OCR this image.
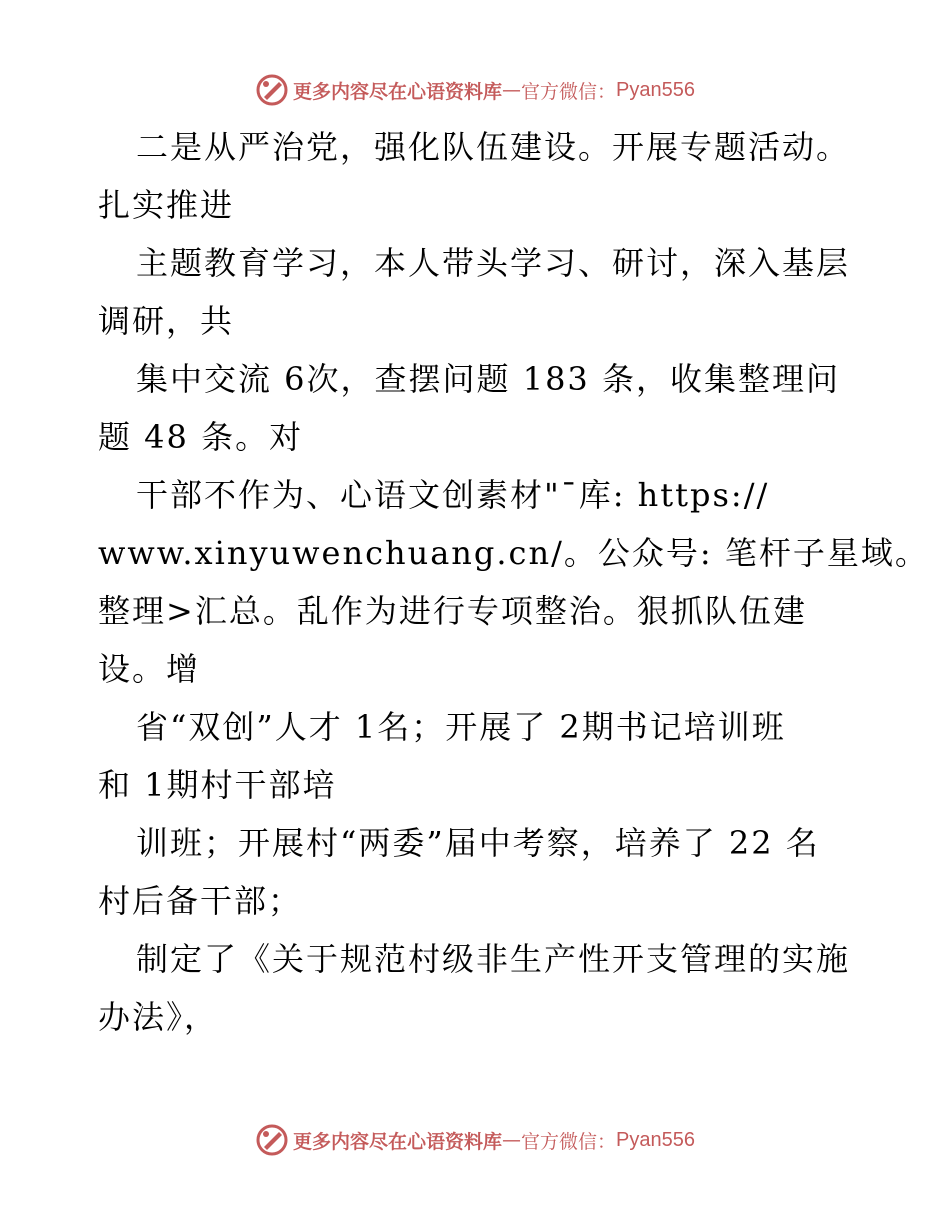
更多内容尽在心语资料库 — 官方微信： Pyan556
二是从严治党，强化队伍建设。开展专题活动。
扎实推进
主题教育学习，本人带头学习、研讨，深入基层
调研，共
集中交流 6次，查摆问题 183 条，收集整理问
题 48 条。对
干部不作为、心语文创素材"¯库: https://
www.xinyuwenchuang.cn/。公众号: 笔杆子星域。
整理>汇总。乱作为进行专项整治。狠抓队伍建
设。增
省“双创”人才 1名；开展了 2期书记培训班
和 1期村干部培
训班；开展村“两委”届中考察，培养了 22 名
村后备干部；
制定了《关于规范村级非生产性开支管理的实施
办法》，
更多内容尽在心语资料库 — 官方微信： Pyan556
